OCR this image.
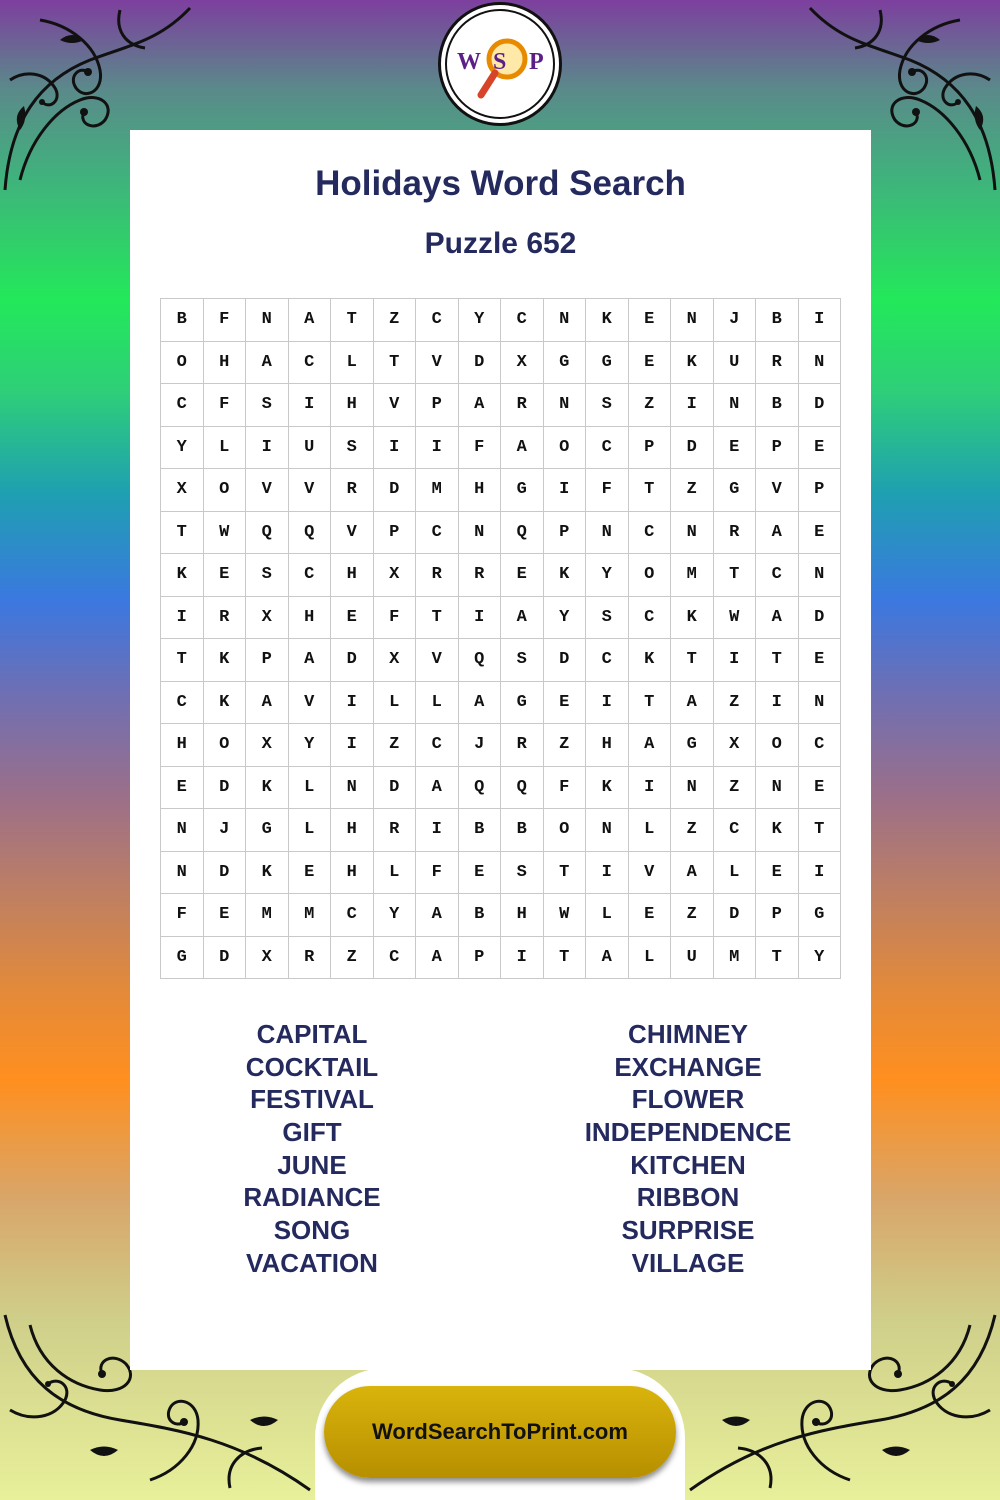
W S P
Holidays Word Search
Puzzle 652
B	F	N	A	T	Z	C	Y	C	N	K	E	N	J	B	I
O	H	A	C	L	T	V	D	X	G	G	E	K	U	R	N
C	F	S	I	H	V	P	A	R	N	S	Z	I	N	B	D
Y	L	I	U	S	I	I	F	A	O	C	P	D	E	P	E
X	O	V	V	R	D	M	H	G	I	F	T	Z	G	V	P
T	W	Q	Q	V	P	C	N	Q	P	N	C	N	R	A	E
K	E	S	C	H	X	R	R	E	K	Y	O	M	T	C	N
I	R	X	H	E	F	T	I	A	Y	S	C	K	W	A	D
T	K	P	A	D	X	V	Q	S	D	C	K	T	I	T	E
C	K	A	V	I	L	L	A	G	E	I	T	A	Z	I	N
H	O	X	Y	I	Z	C	J	R	Z	H	A	G	X	O	C
E	D	K	L	N	D	A	Q	Q	F	K	I	N	Z	N	E
N	J	G	L	H	R	I	B	B	O	N	L	Z	C	K	T
N	D	K	E	H	L	F	E	S	T	I	V	A	L	E	I
F	E	M	M	C	Y	A	B	H	W	L	E	Z	D	P	G
G	D	X	R	Z	C	A	P	I	T	A	L	U	M	T	Y
CAPITAL
COCKTAIL
FESTIVAL
GIFT
JUNE
RADIANCE
SONG
VACATION
CHIMNEY
EXCHANGE
FLOWER
INDEPENDENCE
KITCHEN
RIBBON
SURPRISE
VILLAGE
WordSearchToPrint.com
